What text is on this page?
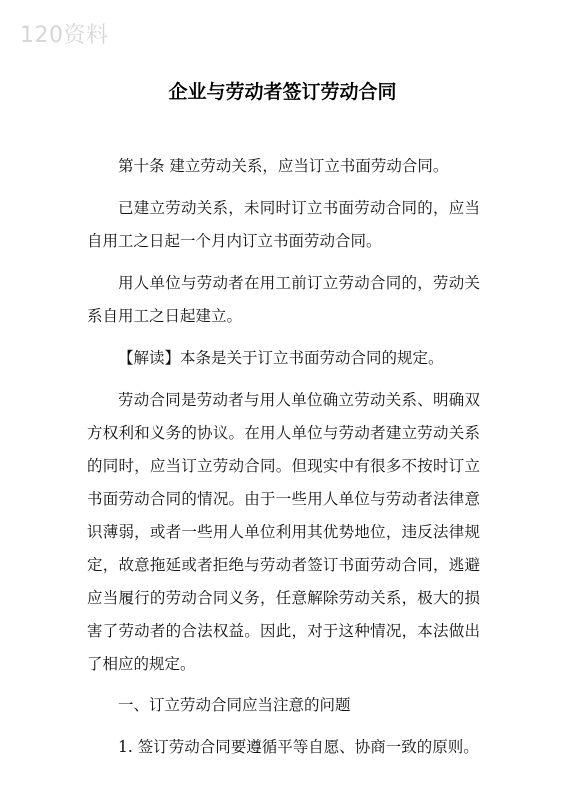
120资料
企业与劳动者签订劳动合同

第十条 建立劳动关系，应当订立书面劳动合同。

已建立劳动关系，未同时订立书面劳动合同的，应当自用工之日起一个月内订立书面劳动合同。

用人单位与劳动者在用工前订立劳动合同的，劳动关系自用工之日起建立。

【解读】本条是关于订立书面劳动合同的规定。

劳动合同是劳动者与用人单位确立劳动关系、明确双方权利和义务的协议。在用人单位与劳动者建立劳动关系的同时，应当订立劳动合同。但现实中有很多不按时订立书面劳动合同的情况。由于一些用人单位与劳动者法律意识薄弱，或者一些用人单位利用其优势地位，违反法律规定，故意拖延或者拒绝与劳动者签订书面劳动合同，逃避应当履行的劳动合同义务，任意解除劳动关系，极大的损害了劳动者的合法权益。因此，对于这种情况，本法做出了相应的规定。

一、订立劳动合同应当注意的问题

1. 签订劳动合同要遵循平等自愿、协商一致的原则。
